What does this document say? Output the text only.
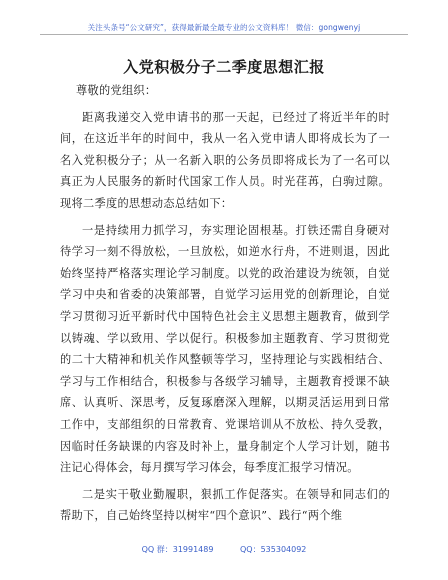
关注头条号“公文研究”，获得最新最全最专业的公文资料库！ 微信：gongwenyj
入党积极分子二季度思想汇报

尊敬的党组织：

距离我递交入党申请书的那一天起，已经过了将近半年的时间，在这近半年的时间中，我从一名入党申请人即将成长为了一名入党积极分子；从一名新入职的公务员即将成长为了一名可以真正为人民服务的新时代国家工作人员。时光荏苒，白驹过隙。现将二季度的思想动态总结如下：

一是持续用力抓学习，夯实理论固根基。打铁还需自身硬对待学习一刻不得放松，一旦放松，如逆水行舟，不进则退，因此始终坚持严格落实理论学习制度。以党的政治建设为统领，自觉学习中央和省委的决策部署，自觉学习运用党的创新理论，自觉学习贯彻习近平新时代中国特色社会主义思想主题教育，做到学以铸魂、学以致用、学以促行。积极参加主题教育、学习贯彻党的二十大精神和机关作风整顿等学习，坚持理论与实践相结合、学习与工作相结合，积极参与各级学习辅导，主题教育授课不缺席、认真听、深思考，反复琢磨深入理解，以期灵活运用到日常工作中，支部组织的日常教育、党课培训从不放松、持久受教，因临时任务缺课的内容及时补上，量身制定个人学习计划，随书注记心得体会，每月撰写学习体会，每季度汇报学习情况。

二是实干敬业勤履职，狠抓工作促落实。在领导和同志们的帮助下，自己始终坚持以树牢“四个意识”、践行“两个维

QQ 群：31991489	QQ：535304092
